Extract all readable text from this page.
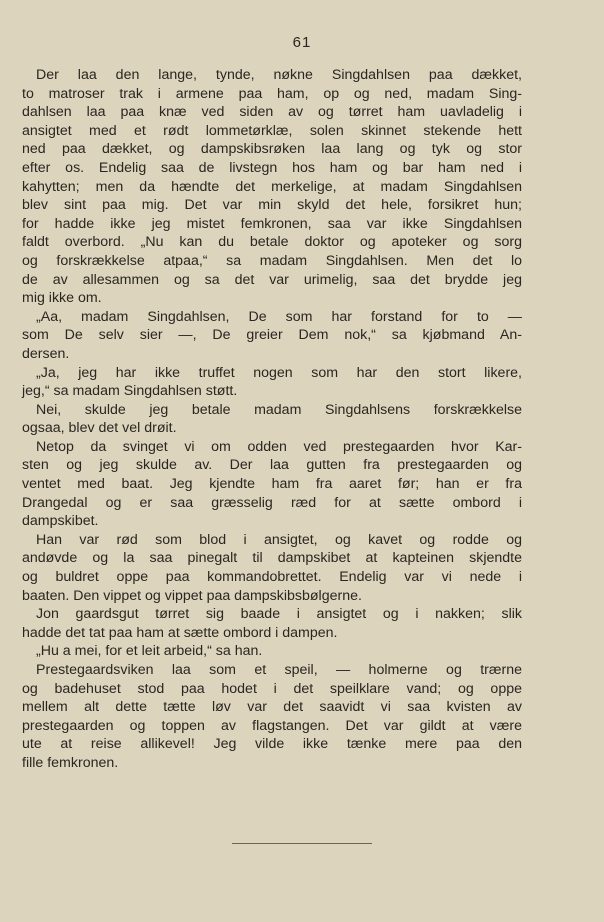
61
Der laa den lange, tynde, nøkne Singdahlsen paa dækket,
to matroser trak i armene paa ham, op og ned, madam Sing-
dahlsen laa paa knæ ved siden av og tørret ham uavladelig i
ansigtet med et rødt lommetørklæ, solen skinnet stekende hett
ned paa dækket, og dampskibsrøken laa lang og tyk og stor
efter os. Endelig saa de livstegn hos ham og bar ham ned i
kahytten; men da hændte det merkelige, at madam Singdahlsen
blev sint paa mig. Det var min skyld det hele, forsikret hun;
for hadde ikke jeg mistet femkronen, saa var ikke Singdahlsen
faldt overbord. „Nu kan du betale doktor og apoteker og sorg
og forskrækkelse atpaa,“ sa madam Singdahlsen. Men det lo
de av allesammen og sa det var urimelig, saa det brydde jeg
mig ikke om.
„Aa, madam Singdahlsen, De som har forstand for to —
som De selv sier —, De greier Dem nok,“ sa kjøbmand An-
dersen.
„Ja, jeg har ikke truffet nogen som har den stort likere,
jeg,“ sa madam Singdahlsen støtt.
Nei, skulde jeg betale madam Singdahlsens forskrækkelse
ogsaa, blev det vel drøit.
Netop da svinget vi om odden ved prestegaarden hvor Kar-
sten og jeg skulde av. Der laa gutten fra prestegaarden og
ventet med baat. Jeg kjendte ham fra aaret før; han er fra
Drangedal og er saa græsselig ræd for at sætte ombord i
dampskibet.
Han var rød som blod i ansigtet, og kavet og rodde og
andøvde og la saa pinegalt til dampskibet at kapteinen skjendte
og buldret oppe paa kommandobrettet. Endelig var vi nede i
baaten. Den vippet og vippet paa dampskibsbølgerne.
Jon gaardsgut tørret sig baade i ansigtet og i nakken; slik
hadde det tat paa ham at sætte ombord i dampen.
„Hu a mei, for et leit arbeid,“ sa han.
Prestegaardsviken laa som et speil, — holmerne og trærne
og badehuset stod paa hodet i det speilklare vand; og oppe
mellem alt dette tætte løv var det saavidt vi saa kvisten av
prestegaarden og toppen av flagstangen. Det var gildt at være
ute at reise allikevel! Jeg vilde ikke tænke mere paa den
fille femkronen.
